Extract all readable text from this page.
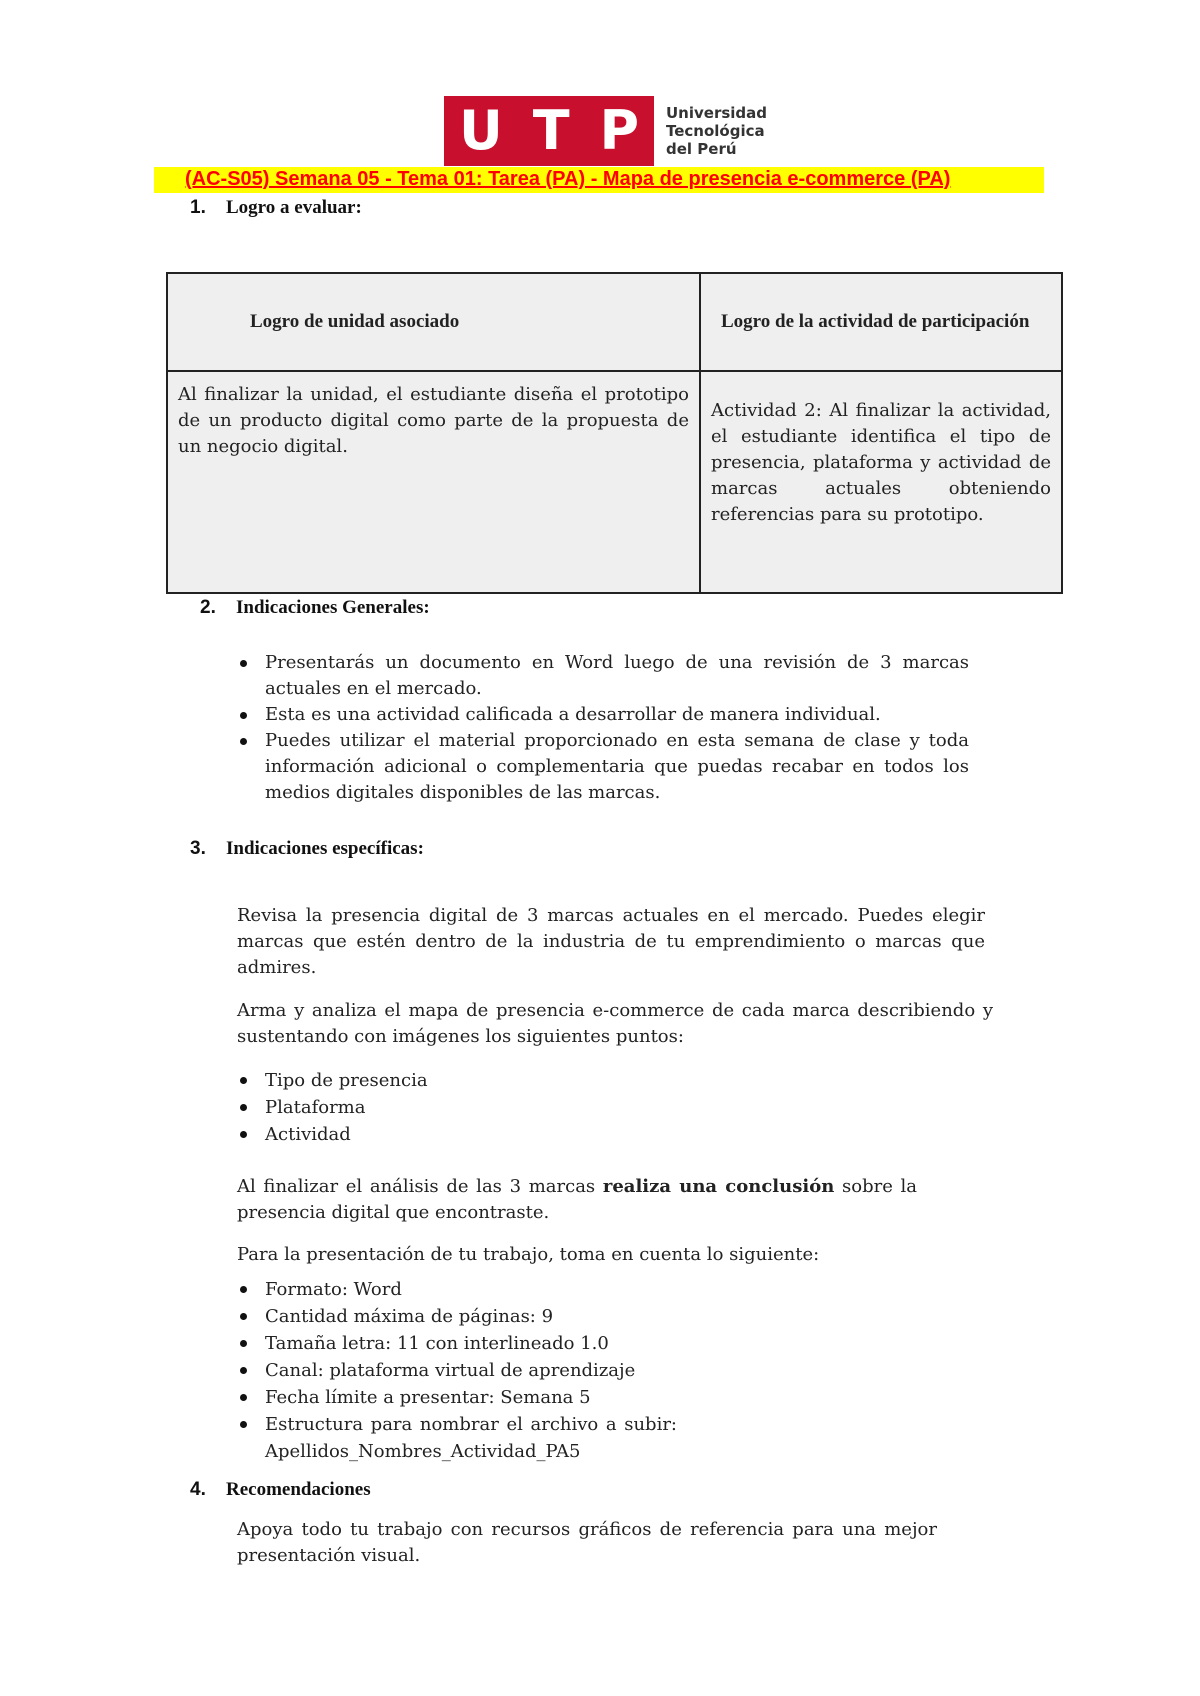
U T P Universidad
Tecnológica
del Perú
(AC-S05) Semana 05 - Tema 01: Tarea (PA) - Mapa de presencia e-commerce (PA)
1. Logro a evaluar:
Logro de unidad asociado	Logro de la actividad de participación
Al finalizar la unidad, el estudiante diseña el prototipo de un producto digital como parte de la propuesta de un negocio digital.	Actividad 2: Al finalizar la actividad, el estudiante identifica el tipo de presencia, plataforma y actividad de marcas actuales obteniendo referencias para su prototipo.
2. Indicaciones Generales:
Presentarás un documento en Word luego de una revisión de 3 marcas actuales en el mercado.
Esta es una actividad calificada a desarrollar de manera individual.
Puedes utilizar el material proporcionado en esta semana de clase y toda información adicional o complementaria que puedas recabar en todos los medios digitales disponibles de las marcas.
3. Indicaciones específicas:
Revisa la presencia digital de 3 marcas actuales en el mercado. Puedes elegir marcas que estén dentro de la industria de tu emprendimiento o marcas que admires.
Arma y analiza el mapa de presencia e-commerce de cada marca describiendo y sustentando con imágenes los siguientes puntos:
Tipo de presencia
Plataforma
Actividad
Al finalizar el análisis de las 3 marcas realiza una conclusión sobre la presencia digital que encontraste.
Para la presentación de tu trabajo, toma en cuenta lo siguiente:
Formato: Word
Cantidad máxima de páginas: 9
Tamaña letra: 11 con interlineado 1.0
Canal: plataforma virtual de aprendizaje
Fecha límite a presentar: Semana 5
Estructura para nombrar el archivo a subir: Apellidos_Nombres_Actividad_PA5
4. Recomendaciones
Apoya todo tu trabajo con recursos gráficos de referencia para una mejor presentación visual.
